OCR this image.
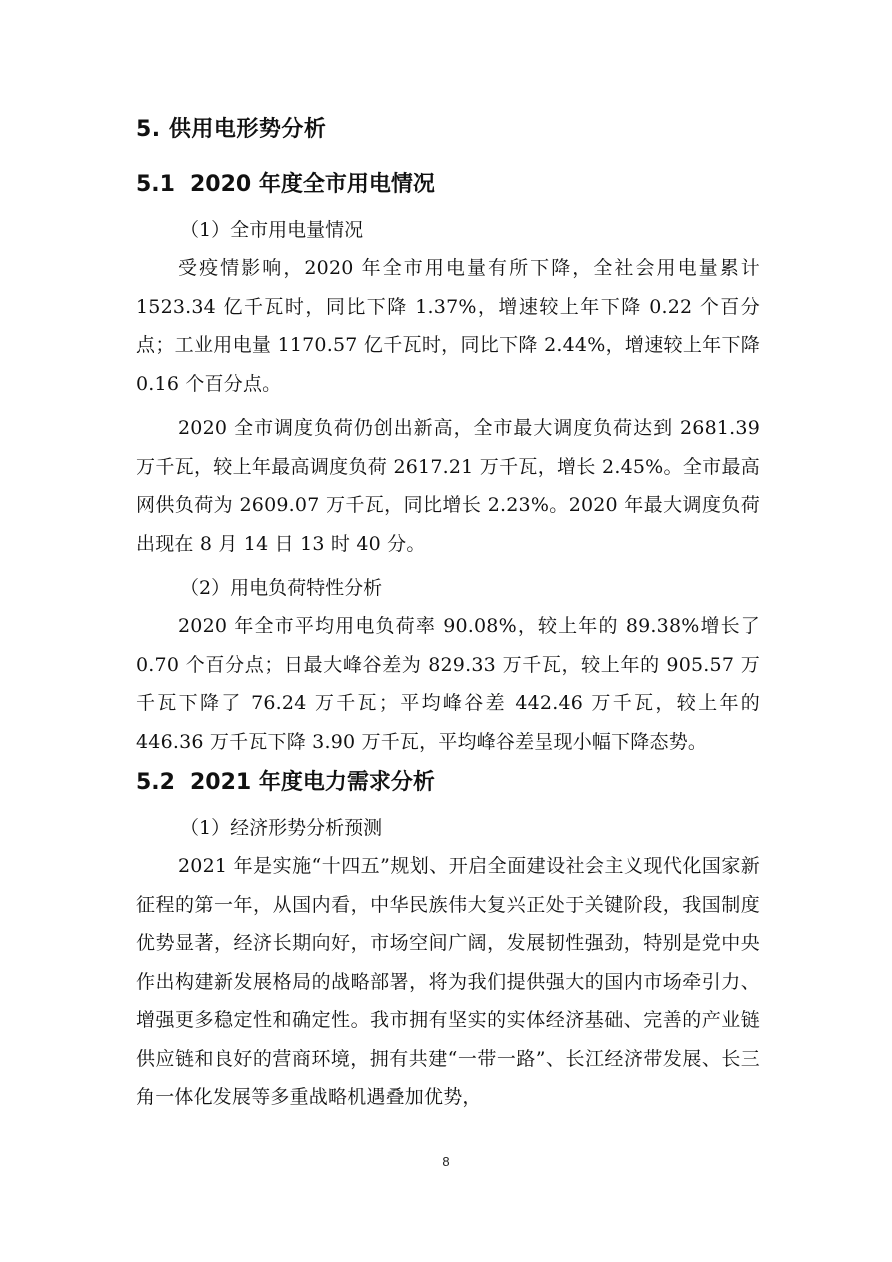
5. 供用电形势分析
5.1 2020 年度全市用电情况

（1）全市用电量情况

受疫情影响，2020 年全市用电量有所下降，全社会用电量累计 1523.34 亿千瓦时，同比下降 1.37%，增速较上年下降 0.22 个百分点；工业用电量 1170.57 亿千瓦时，同比下降 2.44%，增速较上年下降 0.16 个百分点。

2020 全市调度负荷仍创出新高，全市最大调度负荷达到 2681.39 万千瓦，较上年最高调度负荷 2617.21 万千瓦，增长 2.45%。全市最高网供负荷为 2609.07 万千瓦，同比增长 2.23%。2020 年最大调度负荷出现在 8 月 14 日 13 时 40 分。

（2）用电负荷特性分析

2020 年全市平均用电负荷率 90.08%，较上年的 89.38%增长了 0.70 个百分点；日最大峰谷差为 829.33 万千瓦，较上年的 905.57 万千瓦下降了 76.24 万千瓦；平均峰谷差 442.46 万千瓦，较上年的 446.36 万千瓦下降 3.90 万千瓦，平均峰谷差呈现小幅下降态势。

5.2 2021 年度电力需求分析

（1）经济形势分析预测

2021 年是实施“十四五”规划、开启全面建设社会主义现代化国家新征程的第一年，从国内看，中华民族伟大复兴正处于关键阶段，我国制度优势显著，经济长期向好，市场空间广阔，发展韧性强劲，特别是党中央作出构建新发展格局的战略部署，将为我们提供强大的国内市场牵引力、增强更多稳定性和确定性。我市拥有坚实的实体经济基础、完善的产业链供应链和良好的营商环境，拥有共建“一带一路”、长江经济带发展、长三角一体化发展等多重战略机遇叠加优势，

8
